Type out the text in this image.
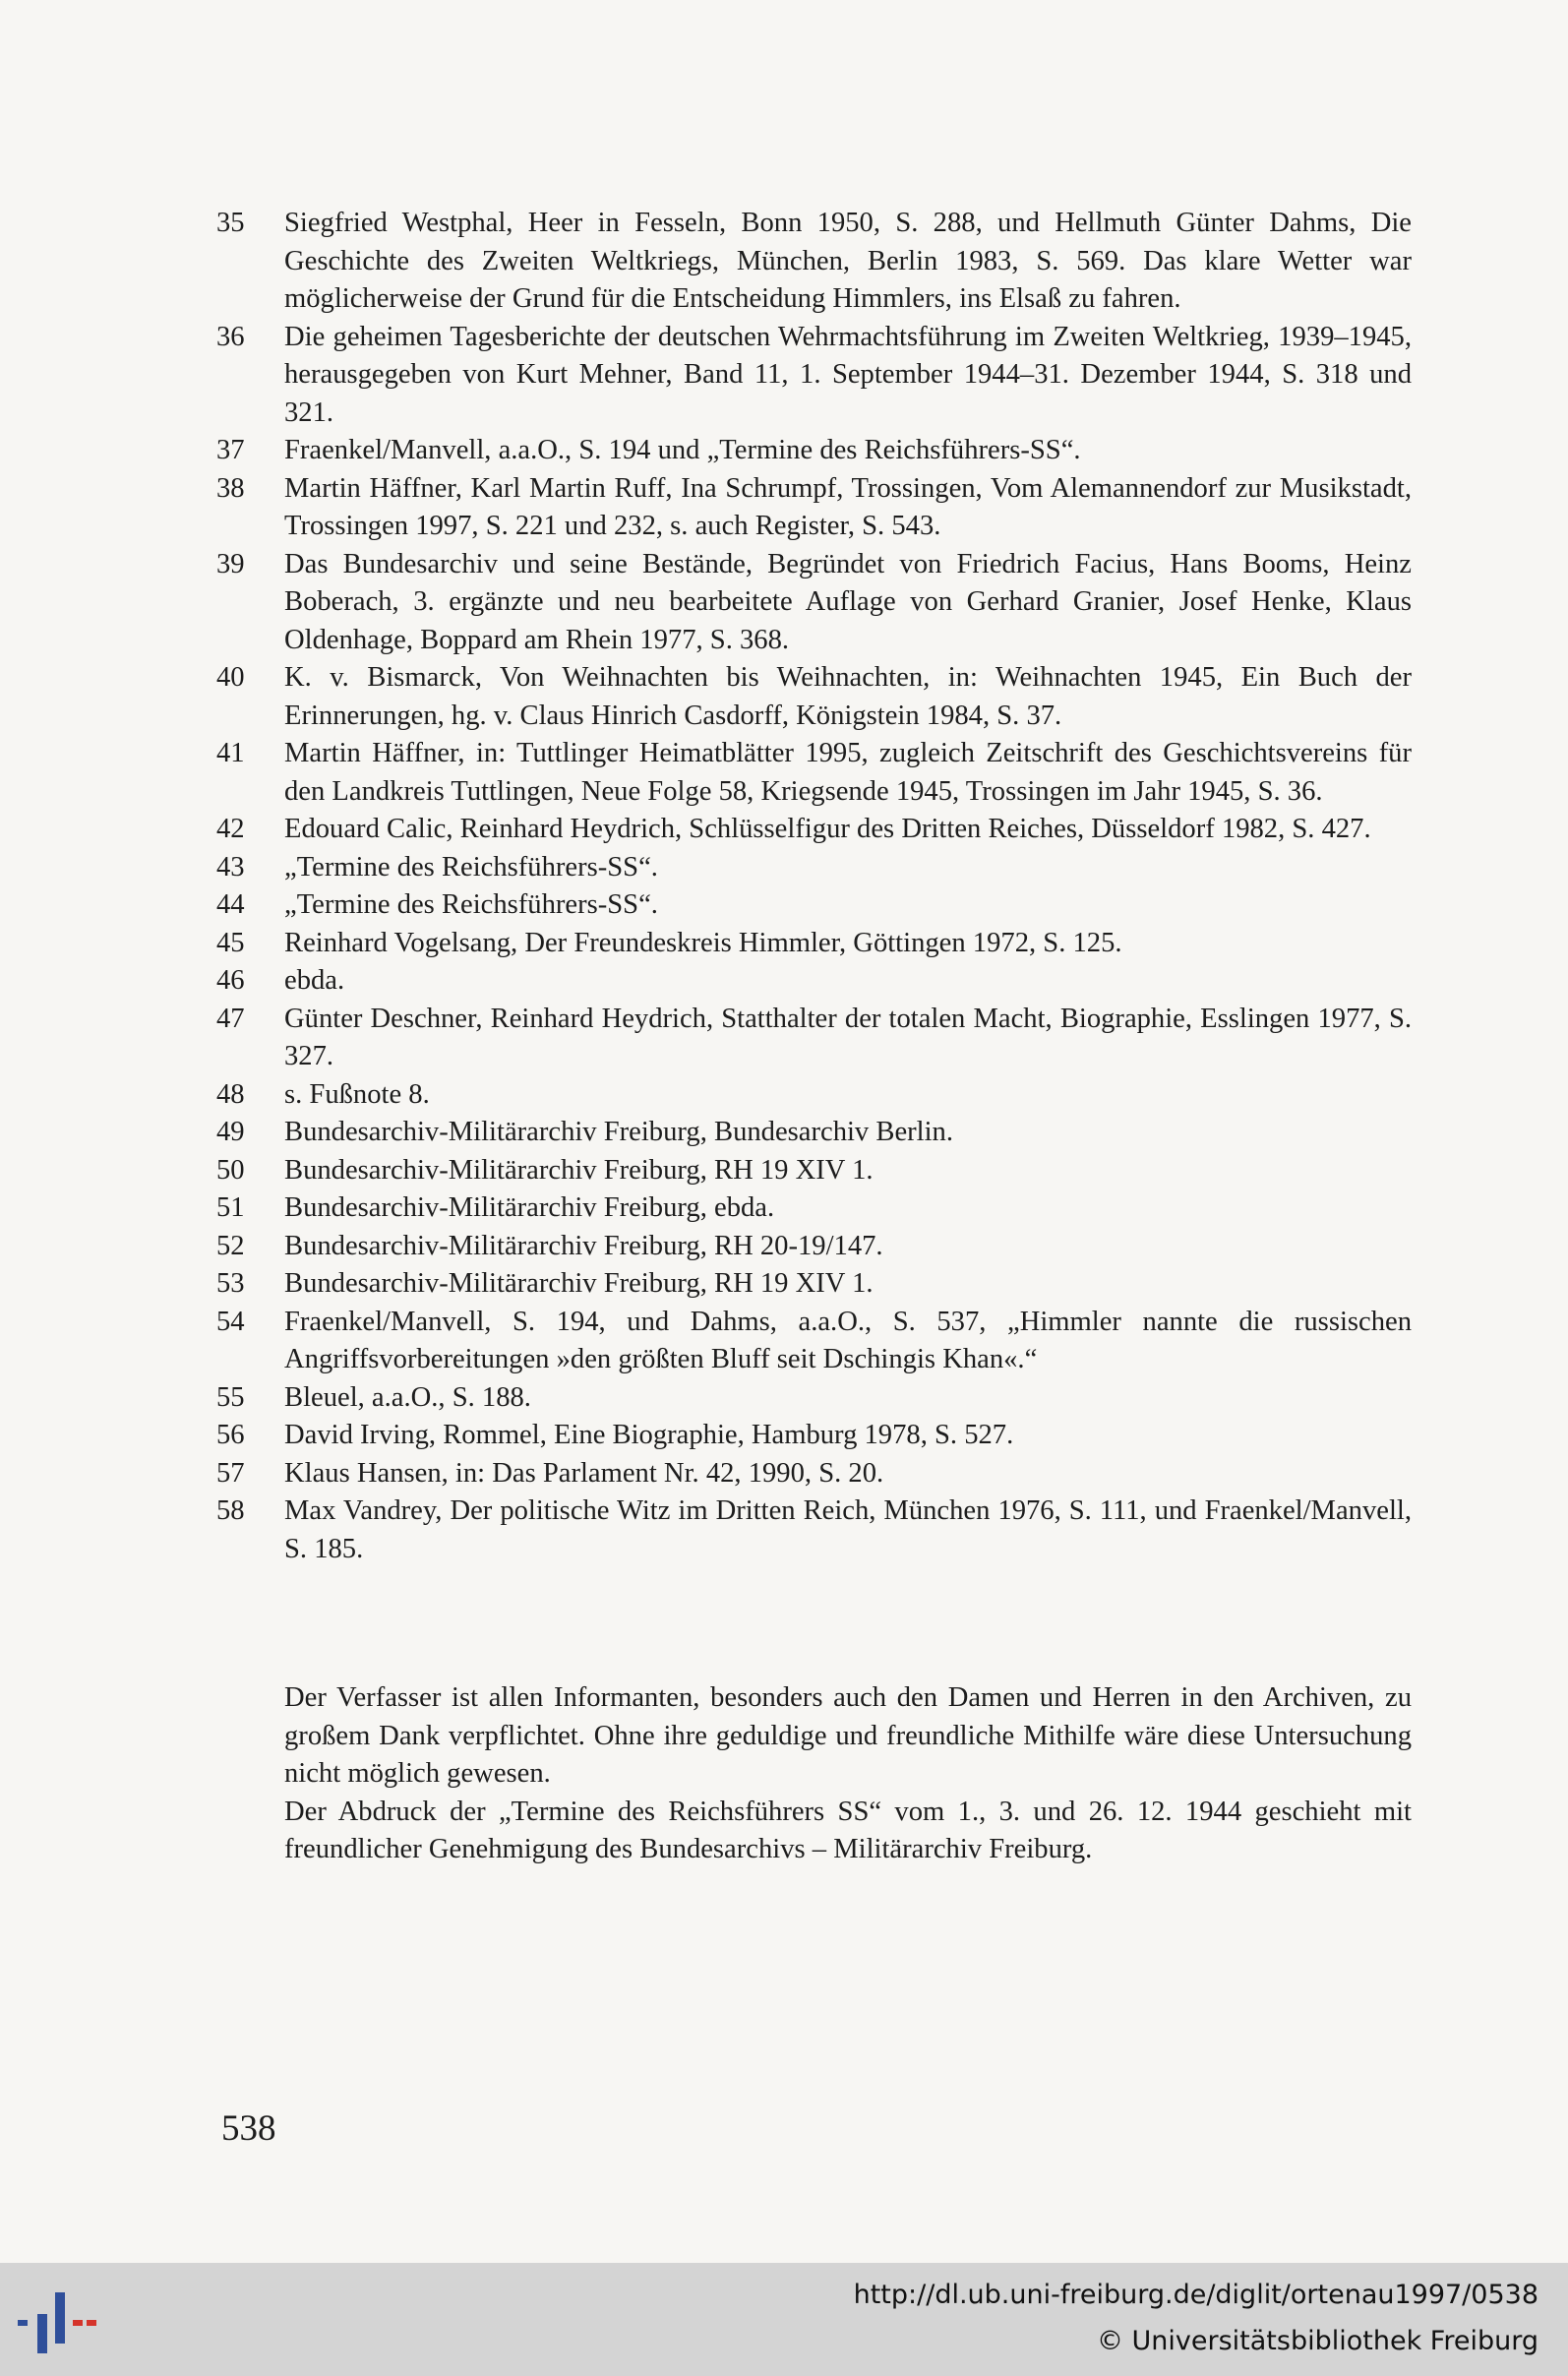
35	Siegfried Westphal, Heer in Fesseln, Bonn 1950, S. 288, und Hellmuth Günter Dahms, Die Geschichte des Zweiten Weltkriegs, München, Berlin 1983, S. 569. Das klare Wetter war möglicherweise der Grund für die Entscheidung Himmlers, ins Elsaß zu fahren.
36	Die geheimen Tagesberichte der deutschen Wehrmachtsführung im Zweiten Weltkrieg, 1939–1945, herausgegeben von Kurt Mehner, Band 11, 1. September 1944–31. Dezember 1944, S. 318 und 321.
37	Fraenkel/Manvell, a.a.O., S. 194 und „Termine des Reichsführers-SS“.
38	Martin Häffner, Karl Martin Ruff, Ina Schrumpf, Trossingen, Vom Alemannendorf zur Musikstadt, Trossingen 1997, S. 221 und 232, s. auch Register, S. 543.
39	Das Bundesarchiv und seine Bestände, Begründet von Friedrich Facius, Hans Booms, Heinz Boberach, 3. ergänzte und neu bearbeitete Auflage von Gerhard Granier, Josef Henke, Klaus Oldenhage, Boppard am Rhein 1977, S. 368.
40	K. v. Bismarck, Von Weihnachten bis Weihnachten, in: Weihnachten 1945, Ein Buch der Erinnerungen, hg. v. Claus Hinrich Casdorff, Königstein 1984, S. 37.
41	Martin Häffner, in: Tuttlinger Heimatblätter 1995, zugleich Zeitschrift des Geschichtsvereins für den Landkreis Tuttlingen, Neue Folge 58, Kriegsende 1945, Trossingen im Jahr 1945, S. 36.
42	Edouard Calic, Reinhard Heydrich, Schlüsselfigur des Dritten Reiches, Düsseldorf 1982, S. 427.
43	„Termine des Reichsführers-SS“.
44	„Termine des Reichsführers-SS“.
45	Reinhard Vogelsang, Der Freundeskreis Himmler, Göttingen 1972, S. 125.
46	ebda.
47	Günter Deschner, Reinhard Heydrich, Statthalter der totalen Macht, Biographie, Esslingen 1977, S. 327.
48	s. Fußnote 8.
49	Bundesarchiv-Militärarchiv Freiburg, Bundesarchiv Berlin.
50	Bundesarchiv-Militärarchiv Freiburg, RH 19 XIV 1.
51	Bundesarchiv-Militärarchiv Freiburg, ebda.
52	Bundesarchiv-Militärarchiv Freiburg, RH 20-19/147.
53	Bundesarchiv-Militärarchiv Freiburg, RH 19 XIV 1.
54	Fraenkel/Manvell, S. 194, und Dahms, a.a.O., S. 537, „Himmler nannte die russischen Angriffsvorbereitungen »den größten Bluff seit Dschingis Khan«.“
55	Bleuel, a.a.O., S. 188.
56	David Irving, Rommel, Eine Biographie, Hamburg 1978, S. 527.
57	Klaus Hansen, in: Das Parlament Nr. 42, 1990, S. 20.
58	Max Vandrey, Der politische Witz im Dritten Reich, München 1976, S. 111, und Fraenkel/Manvell, S. 185.

Der Verfasser ist allen Informanten, besonders auch den Damen und Herren in den Archiven, zu großem Dank verpflichtet. Ohne ihre geduldige und freundliche Mithilfe wäre diese Untersuchung nicht möglich gewesen.

Der Abdruck der „Termine des Reichsführers SS“ vom 1., 3. und 26. 12. 1944 geschieht mit freundlicher Genehmigung des Bundesarchivs – Militärarchiv Freiburg.

538
http://dl.ub.uni-freiburg.de/diglit/ortenau1997/0538
© Universitätsbibliothek Freiburg
